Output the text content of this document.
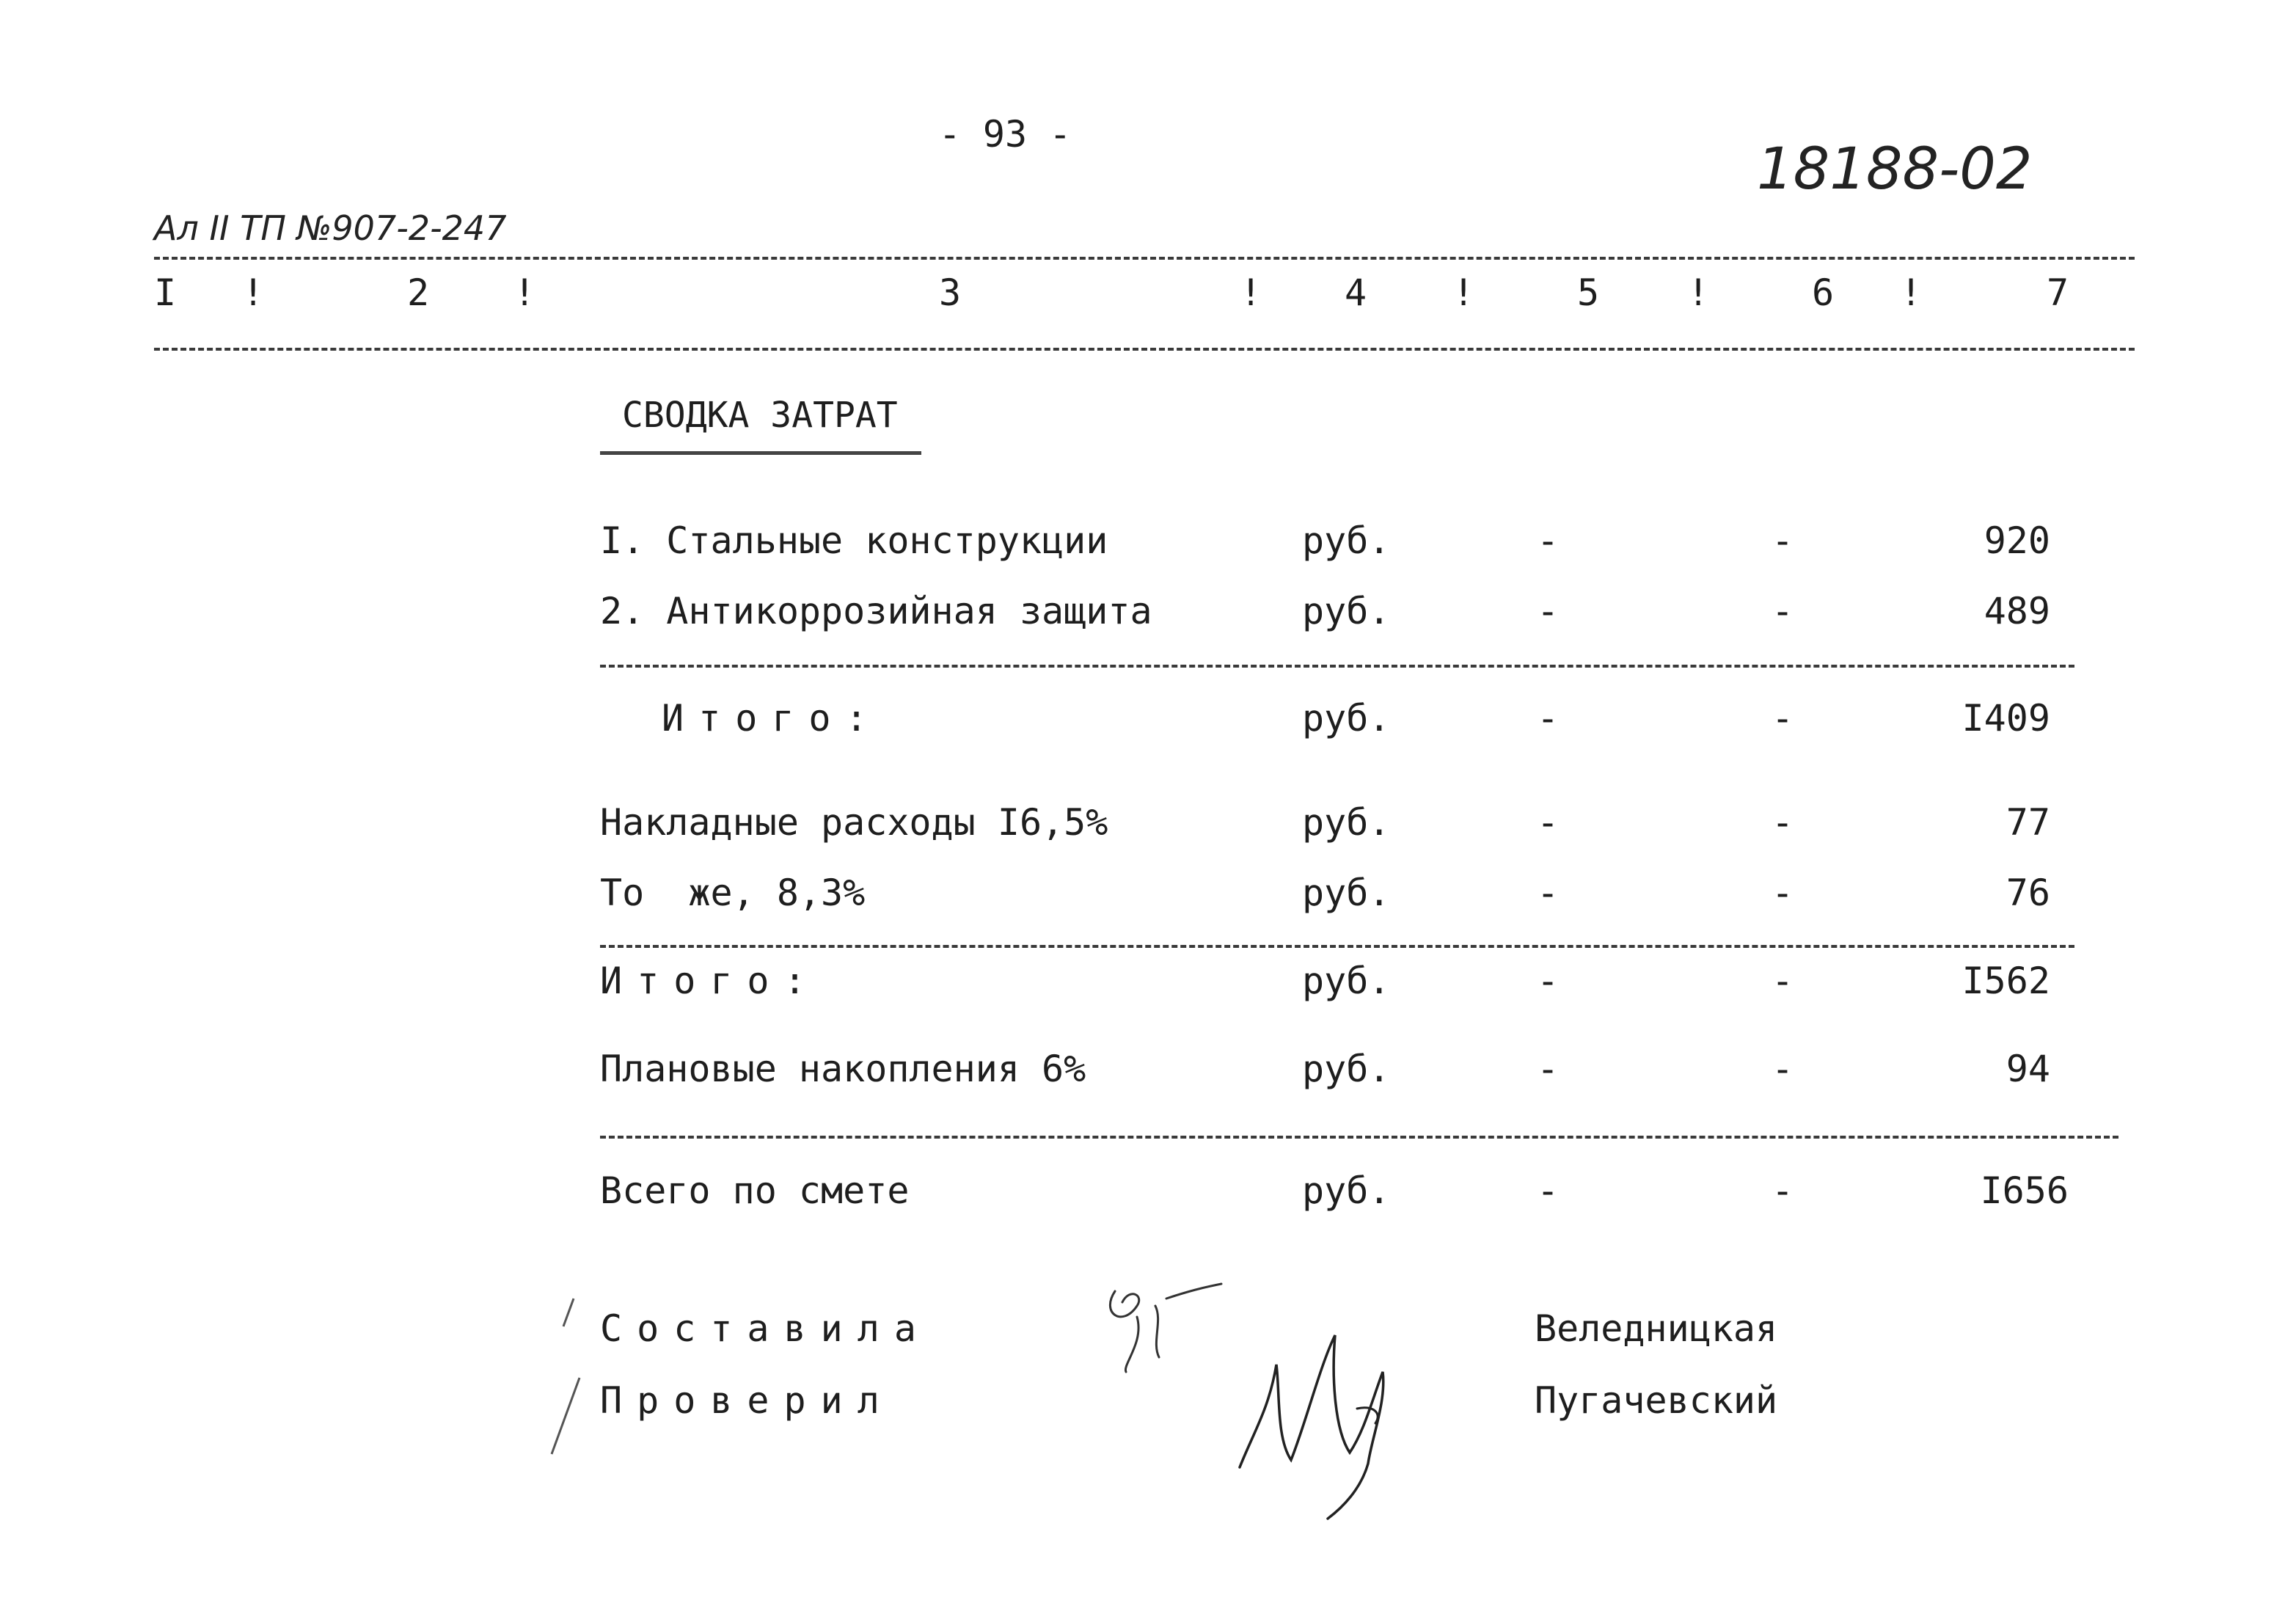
- 93 -
18188-02
Ал II ТП №907-2-247
I !	2 !	3	! 4 !	5 !	6 !	7
СВОДКА ЗАТРАТ
I. Стальные конструкции	руб.	-	-	920
2. Антикоррозийная защита	руб.	-	-	489
Итого:	руб.	-	-	I409
Накладные расходы I6,5%	руб.	-	-	77
То  же, 8,3%	руб.	-	-	76
Итого:	руб.	-	-	I562
Плановые накопления 6%	руб.	-	-	94
Всего по смете	руб.	-	-	I656
Составила	Веледницкая
Проверил	Пугачевский
